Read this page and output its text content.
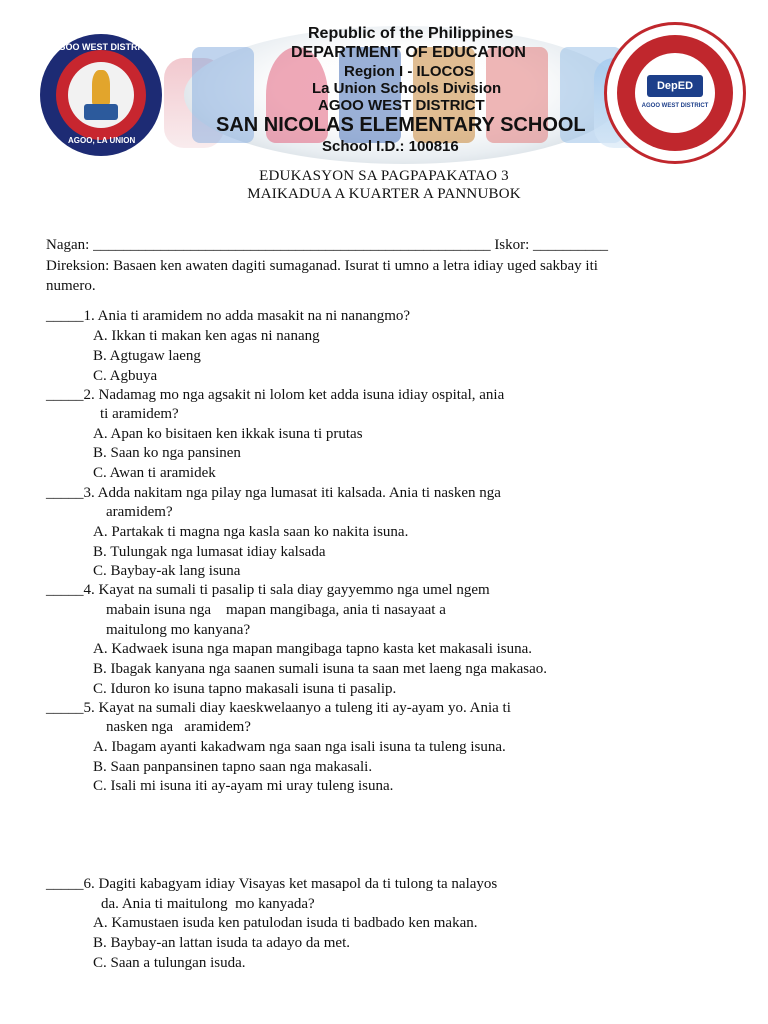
AGOO WEST DISTRICT
AGOO, LA UNION
DepED
AGOO WEST DISTRICT
Republic of the Philippines
DEPARTMENT OF EDUCATION
Region I - ILOCOS
La Union Schools Division
AGOO WEST DISTRICT
SAN NICOLAS ELEMENTARY SCHOOL
School I.D.: 100816
EDUKASYON SA PAGPAPAKATAO 3
MAIKADUA A KUARTER A PANNUBOK
Nagan: _____________________________________________________ Iskor: __________
Direksion: Basaen ken awaten dagiti sumaganad. Isurat ti umno a letra idiay uged sakbay iti
numero.
_____1. Ania ti aramidem no adda masakit na ni nanangmo?
A. Ikkan ti makan ken agas ni nanang
B. Agtugaw laeng
C. Agbuya
_____2. Nadamag mo nga agsakit ni lolom ket adda isuna idiay ospital, ania
ti aramidem?
A. Apan ko bisitaen ken ikkak isuna ti prutas
B. Saan ko nga pansinen
C. Awan ti aramidek
_____3. Adda nakitam nga pilay nga lumasat iti kalsada. Ania ti nasken nga
aramidem?
A. Partakak ti magna nga kasla saan ko nakita isuna.
B. Tulungak nga lumasat idiay kalsada
C. Baybay-ak lang isuna
_____4. Kayat na sumali ti pasalip ti sala diay gayyemmo nga umel ngem
mabain isuna nga    mapan mangibaga, ania ti nasayaat a
maitulong mo kanyana?
A. Kadwaek isuna nga mapan mangibaga tapno kasta ket makasali isuna.
B. Ibagak kanyana nga saanen sumali isuna ta saan met laeng nga makasao.
C. Iduron ko isuna tapno makasali isuna ti pasalip.
_____5. Kayat na sumali diay kaeskwelaanyo a tuleng iti ay-ayam yo. Ania ti
nasken nga   aramidem?
A. Ibagam ayanti kakadwam nga saan nga isali isuna ta tuleng isuna.
B. Saan panpansinen tapno saan nga makasali.
C. Isali mi isuna iti ay-ayam mi uray tuleng isuna.
_____6. Dagiti kabagyam idiay Visayas ket masapol da ti tulong ta nalayos
da. Ania ti maitulong  mo kanyada?
A. Kamustaen isuda ken patulodan isuda ti badbado ken makan.
B. Baybay-an lattan isuda ta adayo da met.
C. Saan a tulungan isuda.
